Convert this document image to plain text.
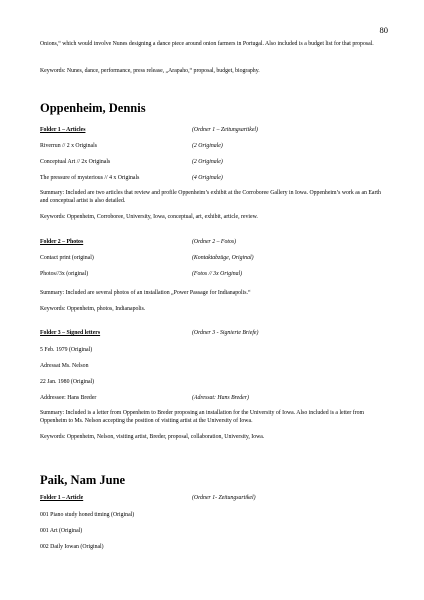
80
Onions,“ which would involve Nunes designing a dance piece around onion farmers in Portugal. Also included is a budget list for that proposal.
Keywords: Nunes, dance, performance, press release, „Arapaho,“ proposal, budget, biography.
Oppenheim, Dennis
Folder 1 – Articles	(Ordner 1 – Zeitungsartikel)
Riverrun // 2 x Originals	(2 Originale)
Conceptual Art // 2x Originals	(2 Originale)
The pressure of mysterious // 4 x Originals	(4 Originale)
Summary: Included are two articles that review and profile Oppenheim’s exhibit at the Corroboree Gallery in Iowa. Oppenheim’s work as an Earth and conceptual artist is also detailed.
Keywords: Oppenheim, Corroboree, University, Iowa, conceptual, art, exhibit, article, review.
Folder 2 – Photos	(Ordner 2 – Fotos)
Contact print (original)	(Kontaktabzüge, Original)
Photos//3x (original)	(Fotos // 3x Original)
Summary: Included are several photos of an installation „Power Passage for Indianapolis.“
Keywords: Oppenheim, photos, Indianapolis.
Folder 3 – Signed letters	(Ordner 3 - Signierte Briefe)
5 Feb. 1979 (Original)
Adressat Ms. Nelson
22 Jan. 1980 (Original)
Addressee: Hans Breder	(Adressat: Hans Breder)
Summary: Included is a letter from Oppenheim to Breder proposing an installation for the University of Iowa. Also included is a letter from Oppenheim to Ms. Nelson accepting the position of visiting artist at the University of Iowa.
Keywords: Oppenheim, Nelson, visiting artist, Breder, proposal, collaboration, University, Iowa.
Paik, Nam June
Folder 1 – Article	(Ordner 1- Zeitungsartikel)
001 Piano study honed timing (Original)
001 Art (Original)
002 Daily Iowan (Original)
